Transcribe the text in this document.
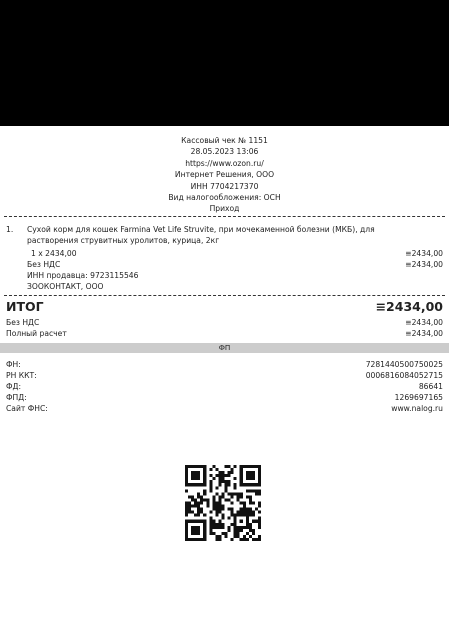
Кассовый чек № 1151
28.05.2023 13:06
https://www.ozon.ru/
Интернет Решения, ООО
ИНН 7704217370
Вид налогообложения: ОСН
Приход
1. Сухой корм для кошек Farmina Vet Life Struvite, при мочекаменной болезни (МКБ), для растворения струвитных уролитов, курица, 2кг
1 x 2434,00	≡2434,00
Без НДС	≡2434,00
ИНН продавца: 9723115546
ЗООКОНТАКТ, ООО
ИТОГ	≡2434,00
Без НДС	≡2434,00
Полный расчет	≡2434,00
ФП
ФН:	7281440500750025
РН ККТ:	0006816084052715
ФД:	86641
ФПД:	1269697165
Сайт ФНС:	www.nalog.ru
